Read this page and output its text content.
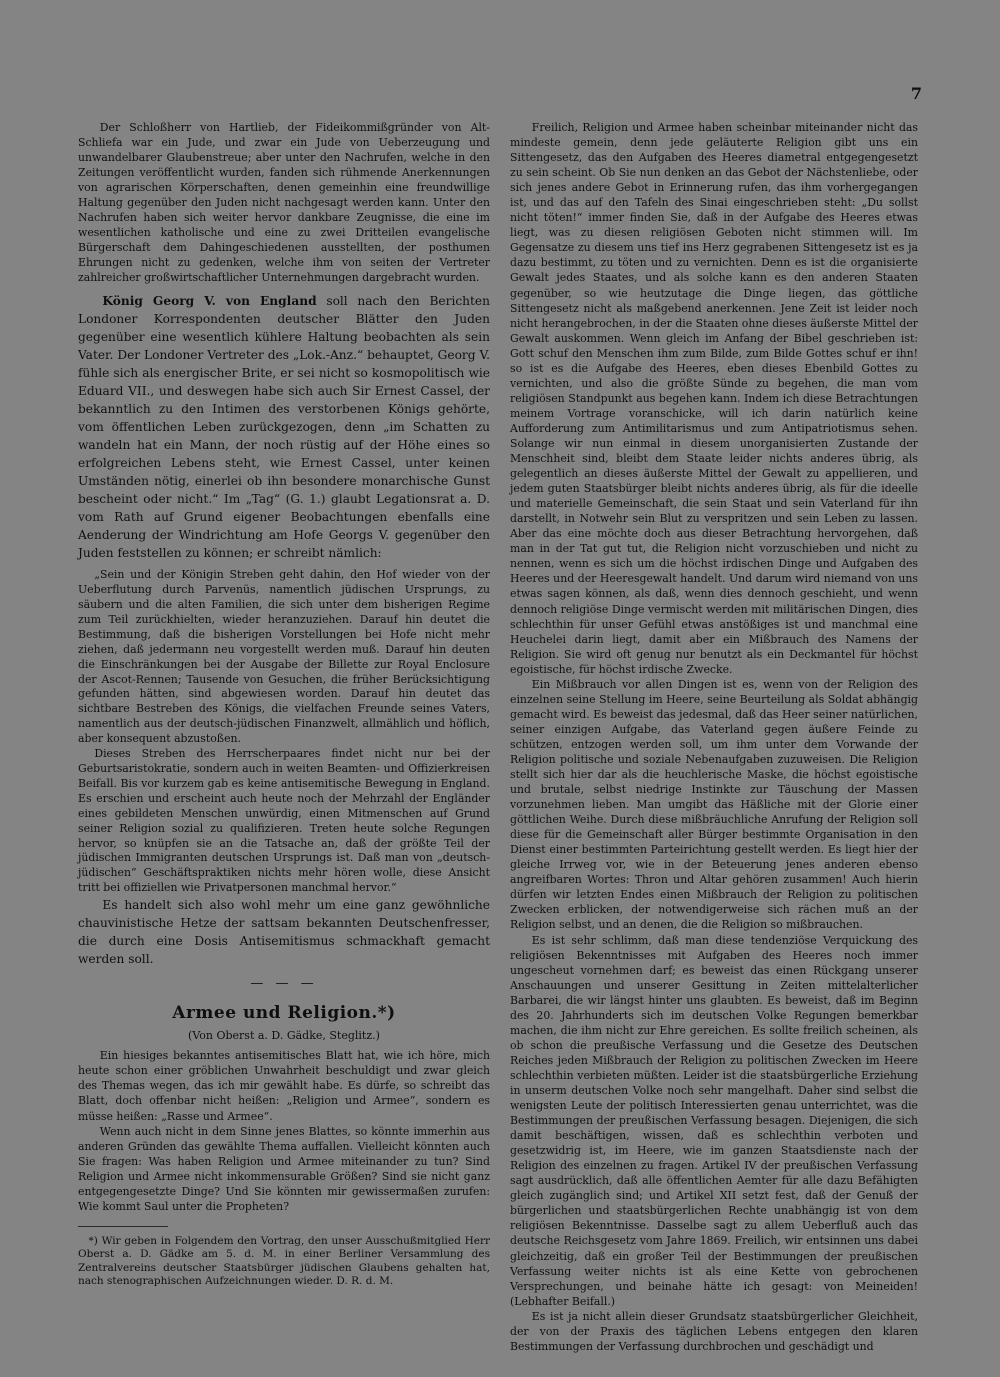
7

Der Schloßherr von Hartlieb, der Fideikommißgründer von Alt-Schliefa war ein Jude, und zwar ein Jude von Ueberzeugung und unwandelbarer Glaubenstreue; aber unter den Nachrufen, welche in den Zeitungen veröffentlicht wurden, fanden sich rühmende Anerkennungen von agrarischen Körperschaften, denen gemeinhin eine freundwillige Haltung gegenüber den Juden nicht nachgesagt werden kann. Unter den Nachrufen haben sich weiter hervor dankbare Zeugnisse, die eine im wesentlichen katholische und eine zu zwei Dritteilen evangelische Bürgerschaft dem Dahingeschiedenen ausstellten, der posthumen Ehrungen nicht zu gedenken, welche ihm von seiten der Vertreter zahlreicher großwirtschaftlicher Unternehmungen dargebracht wurden.

König Georg V. von England soll nach den Berichten Londoner Korrespondenten deutscher Blätter den Juden gegenüber eine wesentlich kühlere Haltung beobachten als sein Vater. Der Londoner Vertreter des „Lok.-Anz.“ behauptet, Georg V. fühle sich als energischer Brite, er sei nicht so kosmopolitisch wie Eduard VII., und deswegen habe sich auch Sir Ernest Cassel, der bekanntlich zu den Intimen des verstorbenen Königs gehörte, vom öffentlichen Leben zurückgezogen, denn „im Schatten zu wandeln hat ein Mann, der noch rüstig auf der Höhe eines so erfolgreichen Lebens steht, wie Ernest Cassel, unter keinen Umständen nötig, einerlei ob ihn besondere monarchische Gunst bescheint oder nicht.“ Im „Tag“ (G. 1.) glaubt Legationsrat a. D. vom Rath auf Grund eigener Beobachtungen ebenfalls eine Aenderung der Windrichtung am Hofe Georgs V. gegenüber den Juden feststellen zu können; er schreibt nämlich:

„Sein und der Königin Streben geht dahin, den Hof wieder von der Ueberflutung durch Parvenüs, namentlich jüdischen Ursprungs, zu säubern und die alten Familien, die sich unter dem bisherigen Regime zum Teil zurückhielten, wieder heranzuziehen. Darauf hin deutet die Bestimmung, daß die bisherigen Vorstellungen bei Hofe nicht mehr ziehen, daß jedermann neu vorgestellt werden muß. Darauf hin deuten die Einschränkungen bei der Ausgabe der Billette zur Royal Enclosure der Ascot-Rennen; Tausende von Gesuchen, die früher Berücksichtigung gefunden hätten, sind abgewiesen worden. Darauf hin deutet das sichtbare Bestreben des Königs, die vielfachen Freunde seines Vaters, namentlich aus der deutsch-jüdischen Finanzwelt, allmählich und höflich, aber konsequent abzustoßen.

Dieses Streben des Herrscherpaares findet nicht nur bei der Geburtsaristokratie, sondern auch in weiten Beamten- und Offizierkreisen Beifall. Bis vor kurzem gab es keine antisemitische Bewegung in England. Es erschien und erscheint auch heute noch der Mehrzahl der Engländer eines gebildeten Menschen unwürdig, einen Mitmenschen auf Grund seiner Religion sozial zu qualifizieren. Treten heute solche Regungen hervor, so knüpfen sie an die Tatsache an, daß der größte Teil der jüdischen Immigranten deutschen Ursprungs ist. Daß man von „deutsch-jüdischen“ Geschäftspraktiken nichts mehr hören wolle, diese Ansicht tritt bei offiziellen wie Privatpersonen manchmal hervor.“

Es handelt sich also wohl mehr um eine ganz gewöhnliche chauvinistische Hetze der sattsam bekannten Deutschenfresser, die durch eine Dosis Antisemitismus schmackhaft gemacht werden soll.

— — —
Armee und Religion.*)
(Von Oberst a. D. Gädke, Steglitz.)

Ein hiesiges bekanntes antisemitisches Blatt hat, wie ich höre, mich heute schon einer gröblichen Unwahrheit beschuldigt und zwar gleich des Themas wegen, das ich mir gewählt habe. Es dürfe, so schreibt das Blatt, doch offenbar nicht heißen: „Religion und Armee“, sondern es müsse heißen: „Rasse und Armee“.

Wenn auch nicht in dem Sinne jenes Blattes, so könnte immerhin aus anderen Gründen das gewählte Thema auffallen. Vielleicht könnten auch Sie fragen: Was haben Religion und Armee miteinander zu tun? Sind Religion und Armee nicht inkommensurable Größen? Sind sie nicht ganz entgegengesetzte Dinge? Und Sie könnten mir gewissermaßen zurufen: Wie kommt Saul unter die Propheten?

*) Wir geben in Folgendem den Vortrag, den unser Ausschußmitglied Herr Oberst a. D. Gädke am 5. d. M. in einer Berliner Versammlung des Zentralvereins deutscher Staatsbürger jüdischen Glaubens gehalten hat, nach stenographischen Aufzeichnungen wieder. D. R. d. M.

Freilich, Religion und Armee haben scheinbar miteinander nicht das mindeste gemein, denn jede geläuterte Religion gibt uns ein Sittengesetz, das den Aufgaben des Heeres diametral entgegengesetzt zu sein scheint. Ob Sie nun denken an das Gebot der Nächstenliebe, oder sich jenes andere Gebot in Erinnerung rufen, das ihm vorhergegangen ist, und das auf den Tafeln des Sinai eingeschrieben steht: „Du sollst nicht töten!“ immer finden Sie, daß in der Aufgabe des Heeres etwas liegt, was zu diesen religiösen Geboten nicht stimmen will. Im Gegensatze zu diesem uns tief ins Herz gegrabenen Sittengesetz ist es ja dazu bestimmt, zu töten und zu vernichten. Denn es ist die organisierte Gewalt jedes Staates, und als solche kann es den anderen Staaten gegenüber, so wie heutzutage die Dinge liegen, das göttliche Sittengesetz nicht als maßgebend anerkennen. Jene Zeit ist leider noch nicht herangebrochen, in der die Staaten ohne dieses äußerste Mittel der Gewalt auskommen. Wenn gleich im Anfang der Bibel geschrieben ist: Gott schuf den Menschen ihm zum Bilde, zum Bilde Gottes schuf er ihn! so ist es die Aufgabe des Heeres, eben dieses Ebenbild Gottes zu vernichten, und also die größte Sünde zu begehen, die man vom religiösen Standpunkt aus begehen kann. Indem ich diese Betrachtungen meinem Vortrage voranschicke, will ich darin natürlich keine Aufforderung zum Antimilitarismus und zum Antipatriotismus sehen. Solange wir nun einmal in diesem unorganisierten Zustande der Menschheit sind, bleibt dem Staate leider nichts anderes übrig, als gelegentlich an dieses äußerste Mittel der Gewalt zu appellieren, und jedem guten Staatsbürger bleibt nichts anderes übrig, als für die ideelle und materielle Gemeinschaft, die sein Staat und sein Vaterland für ihn darstellt, in Notwehr sein Blut zu verspritzen und sein Leben zu lassen. Aber das eine möchte doch aus dieser Betrachtung hervorgehen, daß man in der Tat gut tut, die Religion nicht vorzuschieben und nicht zu nennen, wenn es sich um die höchst irdischen Dinge und Aufgaben des Heeres und der Heeresgewalt handelt. Und darum wird niemand von uns etwas sagen können, als daß, wenn dies dennoch geschieht, und wenn dennoch religiöse Dinge vermischt werden mit militärischen Dingen, dies schlechthin für unser Gefühl etwas anstößiges ist und manchmal eine Heuchelei darin liegt, damit aber ein Mißbrauch des Namens der Religion. Sie wird oft genug nur benutzt als ein Deckmantel für höchst egoistische, für höchst irdische Zwecke.

Ein Mißbrauch vor allen Dingen ist es, wenn von der Religion des einzelnen seine Stellung im Heere, seine Beurteilung als Soldat abhängig gemacht wird. Es beweist das jedesmal, daß das Heer seiner natürlichen, seiner einzigen Aufgabe, das Vaterland gegen äußere Feinde zu schützen, entzogen werden soll, um ihm unter dem Vorwande der Religion politische und soziale Nebenaufgaben zuzuweisen. Die Religion stellt sich hier dar als die heuchlerische Maske, die höchst egoistische und brutale, selbst niedrige Instinkte zur Täuschung der Massen vorzunehmen lieben. Man umgibt das Häßliche mit der Glorie einer göttlichen Weihe. Durch diese mißbräuchliche Anrufung der Religion soll diese für die Gemeinschaft aller Bürger bestimmte Organisation in den Dienst einer bestimmten Parteirichtung gestellt werden. Es liegt hier der gleiche Irrweg vor, wie in der Beteuerung jenes anderen ebenso angreifbaren Wortes: Thron und Altar gehören zusammen! Auch hierin dürfen wir letzten Endes einen Mißbrauch der Religion zu politischen Zwecken erblicken, der notwendigerweise sich rächen muß an der Religion selbst, und an denen, die die Religion so mißbrauchen.

Es ist sehr schlimm, daß man diese tendenziöse Verquickung des religiösen Bekenntnisses mit Aufgaben des Heeres noch immer ungescheut vornehmen darf; es beweist das einen Rückgang unserer Anschauungen und unserer Gesittung in Zeiten mittelalterlicher Barbarei, die wir längst hinter uns glaubten. Es beweist, daß im Beginn des 20. Jahrhunderts sich im deutschen Volke Regungen bemerkbar machen, die ihm nicht zur Ehre gereichen. Es sollte freilich scheinen, als ob schon die preußische Verfassung und die Gesetze des Deutschen Reiches jeden Mißbrauch der Religion zu politischen Zwecken im Heere schlechthin verbieten müßten. Leider ist die staatsbürgerliche Erziehung in unserm deutschen Volke noch sehr mangelhaft. Daher sind selbst die wenigsten Leute der politisch Interessierten genau unterrichtet, was die Bestimmungen der preußischen Verfassung besagen. Diejenigen, die sich damit beschäftigen, wissen, daß es schlechthin verboten und gesetzwidrig ist, im Heere, wie im ganzen Staatsdienste nach der Religion des einzelnen zu fragen. Artikel IV der preußischen Verfassung sagt ausdrücklich, daß alle öffentlichen Aemter für alle dazu Befähigten gleich zugänglich sind; und Artikel XII setzt fest, daß der Genuß der bürgerlichen und staatsbürgerlichen Rechte unabhängig ist von dem religiösen Bekenntnisse. Dasselbe sagt zu allem Ueberfluß auch das deutsche Reichsgesetz vom Jahre 1869. Freilich, wir entsinnen uns dabei gleichzeitig, daß ein großer Teil der Bestimmungen der preußischen Verfassung weiter nichts ist als eine Kette von gebrochenen Versprechungen, und beinahe hätte ich gesagt: von Meineiden! (Lebhafter Beifall.)

Es ist ja nicht allein dieser Grundsatz staatsbürgerlicher Gleichheit, der von der Praxis des täglichen Lebens entgegen den klaren Bestimmungen der Verfassung durchbrochen und geschädigt und
